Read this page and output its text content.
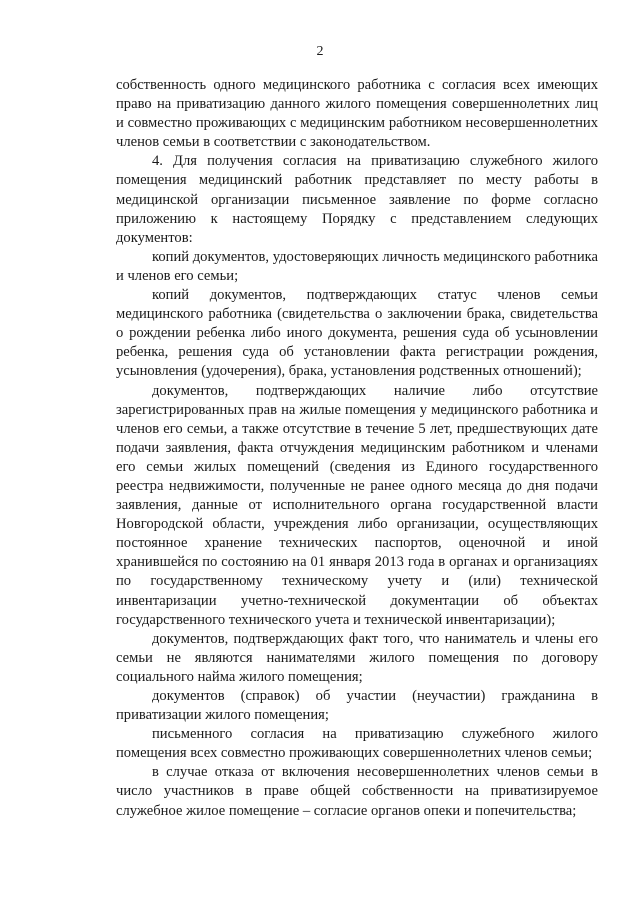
2

собственность одного медицинского работника с согласия всех имеющих право на приватизацию данного жилого помещения совершеннолетних лиц и совместно проживающих с медицинским работником несовершеннолетних членов семьи в соответствии с законодательством.

4. Для получения согласия на приватизацию служебного жилого помещения медицинский работник представляет по месту работы в медицинской организации письменное заявление по форме согласно приложению к настоящему Порядку с представлением следующих документов:

копий документов, удостоверяющих личность медицинского работника и членов его семьи;

копий документов, подтверждающих статус членов семьи медицинского работника (свидетельства о заключении брака, свидетельства о рождении ребенка либо иного документа, решения суда об усыновлении ребенка, решения суда об установлении факта регистрации рождения, усыновления (удочерения), брака, установления родственных отношений);

документов, подтверждающих наличие либо отсутствие зарегистрированных прав на жилые помещения у медицинского работника и членов его семьи, а также отсутствие в течение 5 лет, предшествующих дате подачи заявления, факта отчуждения медицинским работником и членами его семьи жилых помещений (сведения из Единого государственного реестра недвижимости, полученные не ранее одного месяца до дня подачи заявления, данные от исполнительного органа государственной власти Новгородской области, учреждения либо организации, осуществляющих постоянное хранение технических паспортов, оценочной и иной хранившейся по состоянию на 01 января 2013 года в органах и организациях по государственному техническому учету и (или) технической инвентаризации учетно-технической документации об объектах государственного технического учета и технической инвентаризации);

документов, подтверждающих факт того, что наниматель и члены его семьи не являются нанимателями жилого помещения по договору социального найма жилого помещения;

документов (справок) об участии (неучастии) гражданина в приватизации жилого помещения;

письменного согласия на приватизацию служебного жилого помещения всех совместно проживающих совершеннолетних членов семьи;

в случае отказа от включения несовершеннолетних членов семьи в число участников в праве общей собственности на приватизируемое служебное жилое помещение – согласие органов опеки и попечительства;
